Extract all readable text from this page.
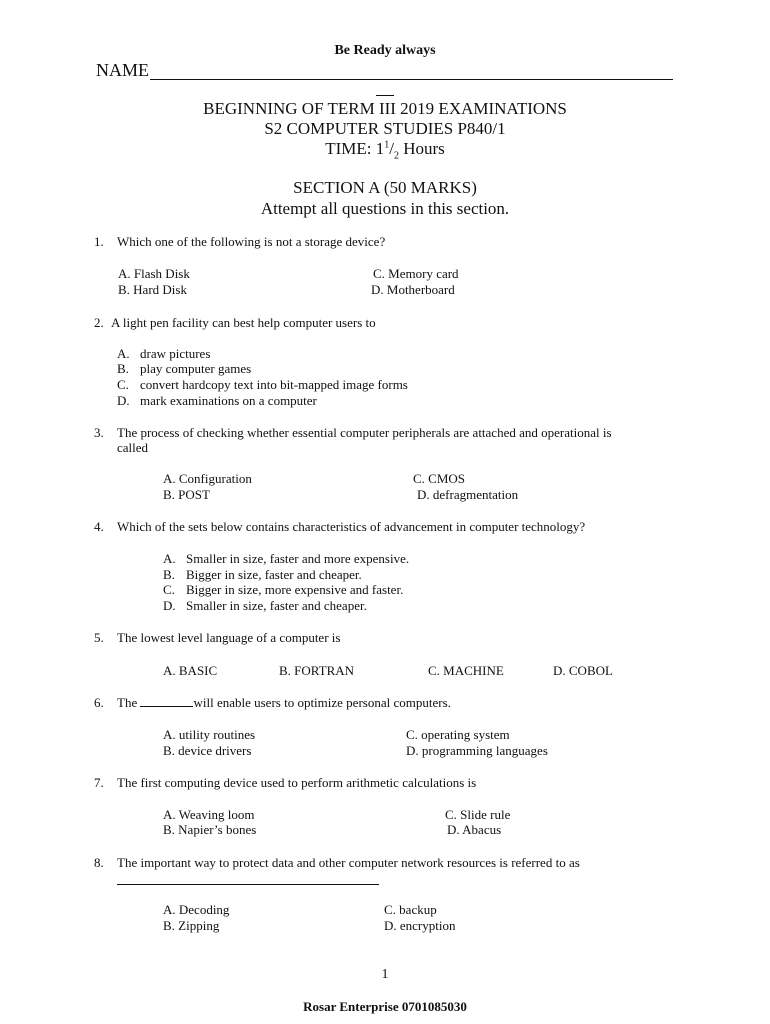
Be Ready always
NAME
BEGINNING OF TERM III 2019 EXAMINATIONS
S2 COMPUTER STUDIES P840/1
TIME: $1^1/_2$ Hours
SECTION A (50 MARKS)
Attempt all questions in this section.
1. Which one of the following is not a storage device?
A. Flash Disk
B. Hard Disk
C. Memory card
D. Motherboard
2. A light pen facility can best help computer users to
A. draw pictures
B. play computer games
C. convert hardcopy text into bit-mapped image forms
D. mark examinations on a computer
3. The process of checking whether essential computer peripherals are attached and operational is
called
A. Configuration
B. POST
C. CMOS
D. defragmentation
4. Which of the sets below contains characteristics of advancement in computer technology?
A. Smaller in size, faster and more expensive.
B. Bigger in size, faster and cheaper.
C. Bigger in size, more expensive and faster.
D. Smaller in size, faster and cheaper.
5. The lowest level language of a computer is
A. BASIC	B. FORTRAN	C. MACHINE	D. COBOL
6. The	will enable users to optimize personal computers.
A. utility routines
B. device drivers
C. operating system
D. programming languages
7. The first computing device used to perform arithmetic calculations is
A. Weaving loom
B. Napier’s bones
C. Slide rule
D. Abacus
8. The important way to protect data and other computer network resources is referred to as
A. Decoding
B. Zipping
C. backup
D. encryption
1
Rosar Enterprise 0701085030
